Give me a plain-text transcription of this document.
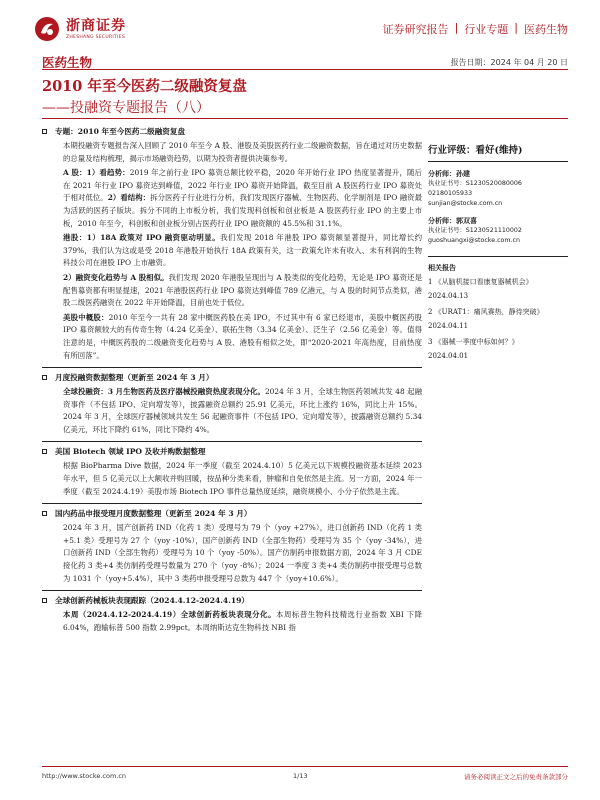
浙商证券
ZHESHANG SECURITIES
证券研究报告 | 行业专题 | 医药生物
医药生物	报告日期：2024 年 04 月 20 日
2010 年至今医药二级融资复盘
——投融资专题报告（八）
专题：2010 年至今医药二级融资复盘

本期投融资专题报告深入回顾了 2010 年至今 A 股、港股及美股医药行业二级融资数据，旨在通过对历史数据的总量及结构梳理，揭示市场融资趋势，以期为投资者提供决策参考。

A 股：1）看趋势：2019 年之前行业 IPO 募资总额比较平稳，2020 年开始行业 IPO 热度显著提升，随后在 2021 年行业 IPO 募资达到峰值，2022 年行业 IPO 募资开始降温，截至目前 A 股医药行业 IPO 募资处于相对低位。2）看结构：拆分医药子行业进行分析，我们发现医疗器械、生物医药、化学制剂是 IPO 融资最为活跃的医药子版块。拆分不同的上市板分析，我们发现科创板和创业板是 A 股医药行业 IPO 的主要上市板，2010 年至今，科创板和创业板分别占医药行业 IPO 融资额的 45.5%和 31.1%。

港股：1）18A 政策对 IPO 融资驱动明显。我们发现 2018 年港股 IPO 募资额显著提升，同比增长约 379%，我们认为这或是受 2018 年港股开始执行 18A 政策有关，这一政策允许未有收入、未有利润的生物科技公司在港股 IPO 上市融资。

2）融资变化趋势与 A 股相似。我们发现 2020 年港股呈现出与 A 股类似的变化趋势，无论是 IPO 募资还是配售募资都有明显提速，2021 年港股医药行业 IPO 募资达到峰值 789 亿港元，与 A 股的时间节点类似，港股二级医药融资在 2022 年开始降温，目前也处于低位。

美股中概股：2010 年至今一共有 28 家中概医药股在美 IPO，不过其中有 6 家已经退市，美股中概医药股 IPO 募资额较大的有传奇生物（4.24 亿美金）、联拓生物（3.34 亿美金）、泛生子（2.56 亿美金）等。值得注意的是，中概医药股的二级融资变化趋势与 A 股、港股有相似之处，即“2020-2021 年高热度，目前热度有所回落”。

月度投融资数据整理（更新至 2024 年 3 月）

全球投融资：3 月生物医药及医疗器械投融资热度表现分化。2024 年 3 月，全球生物医药领域共发 48 起融资事件（不包括 IPO、定向增发等），披露融资总额约 25.91 亿美元，环比上涨约 16%，同比上升 15%。2024 年 3 月，全球医疗器械领域共发生 56 起融资事件（不包括 IPO、定向增发等），披露融资总额约 5.34 亿美元，环比下降约 61%，同比下降约 4%。

美国 Biotech 领域 IPO 及收并购数据整理

根据 BioPharma Dive 数据，2024 年一季度（截至 2024.4.10）5 亿美元以下规模投融资基本延续 2023 年水平，但 5 亿美元以上大额收并购回暖，按品种分类来看，肿瘤和自免依然是主流。另一方面，2024 年一季度（截至 2024.4.19）美股市场 Biotech IPO 事件总量热度延续，融资规模小、小分子依然是主流。

国内药品申报受理月度数据整理（更新至 2024 年 3 月）

2024 年 3 月，国产创新药 IND（化药 1 类）受理号为 79 个（yoy +27%），进口创新药 IND（化药 1 类+5.1 类）受理号为 27 个（yoy -10%），国产创新药 IND（全部生物药）受理号为 35 个（yoy -34%），进口创新药 IND（全部生物药）受理号为 10 个（yoy -50%）。国产仿制药申报数据方面，2024 年 3 月 CDE 接化药 3 类+4 类仿制药受理号数量为 270 个（yoy -8%）；2024 一季度 3 类+4 类仿制药申报受理号总数为 1031 个（yoy+5.4%），其中 3 类药申报受理号总数为 447 个（yoy+10.6%）。

全球创新药械板块表现跟踪（2024.4.12-2024.4.19）

本周（2024.4.12-2024.4.19）全球创新药板块表现分化。本周标普生物科技精选行业指数 XBI 下降 6.04%，跑输标普 500 指数 2.99pct。本周纳斯达克生物科技 NBI 指

行业评级：看好(维持)
分析师：孙建
执业证书号：S1230520080006
02180105933
sunjian@stocke.com.cn
分析师：郭双喜
执业证书号：S1230521110002
guoshuangxi@stocke.com.cn
相关报告
1 《从脑机接口看康复器械机会》 2024.04.13
2 《URAT1：痛风赛热，静待突破》 2024.04.11
3 《器械一季度中标如何？》
2024.04.01
http://www.stocke.com.cn	1/13	请务必阅读正文之后的免责条款部分
